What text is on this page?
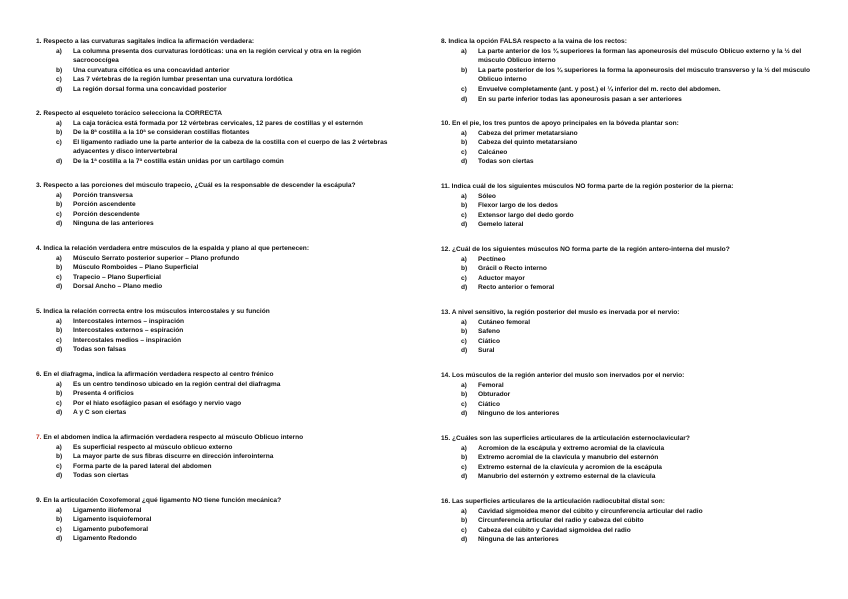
1. Respecto a las curvaturas sagitales indica la afirmación verdadera:
a)	La columna presenta dos curvaturas lordóticas: una en la región cervical y otra en la región sacrococcígea
b)	Una curvatura cifótica es una concavidad anterior
c)	Las 7 vértebras de la región lumbar presentan una curvatura lordótica
d)	La región dorsal forma una concavidad posterior
2. Respecto al esqueleto torácico selecciona la CORRECTA
a)	La caja torácica está formada por 12 vértebras cervicales, 12 pares de costillas y el esternón
b)	De la 8ª costilla a la 10ª se consideran costillas flotantes
c)	El ligamento radiado une la parte anterior de la cabeza de la costilla con el cuerpo de las 2 vértebras adyacentes y disco intervertebral
d)	De la 1ª costilla a la 7ª costilla están unidas por un cartílago común
3. Respecto a las porciones del músculo trapecio, ¿Cuál es la responsable de descender la escápula?
a)	Porción transversa
b)	Porción ascendente
c)	Porción descendente
d)	Ninguna de las anteriores
4. Indica la relación verdadera entre músculos de la espalda y plano al que pertenecen:
a)	Músculo Serrato posterior superior – Plano profundo
b)	Músculo Romboides – Plano Superficial
c)	Trapecio – Plano Superficial
d)	Dorsal Ancho – Plano medio
5. Indica la relación correcta entre los músculos intercostales y su función
a)	Intercostales internos – inspiración
b)	Intercostales externos – espiración
c)	Intercostales medios – inspiración
d)	Todas son falsas
6. En el diafragma, indica la afirmación verdadera respecto al centro frénico
a)	Es un centro tendinoso ubicado en la región central del diafragma
b)	Presenta 4 orificios
c)	Por el hiato esofágico pasan el esófago y nervio vago
d)	A y C son ciertas
7. En el abdomen indica la afirmación verdadera respecto al músculo Oblicuo interno
a)	Es superficial respecto al músculo oblicuo externo
b)	La mayor parte de sus fibras discurre en dirección inferointerna
c)	Forma parte de la pared lateral del abdomen
d)	Todas son ciertas
9. En la articulación Coxofemoral ¿qué ligamento NO tiene función mecánica?
a)	Ligamento iliofemoral
b)	Ligamento isquiofemoral
c)	Ligamento pubofemoral
d)	Ligamento Redondo
8. Indica la opción FALSA respecto a la vaina de los rectos:
a)	La parte anterior de los ¾ superiores la forman las aponeurosis del músculo Oblicuo externo y la ½ del músculo Oblicuo interno
b)	La parte posterior de los ¾ superiores la forma la aponeurosis del músculo transverso y la ½ del músculo Oblicuo interno
c)	Envuelve completamente (ant. y post.) el ¼ inferior del m. recto del abdomen.
d)	En su parte inferior todas las aponeurosis pasan a ser anteriores
10. En el pie, los tres puntos de apoyo principales en la bóveda plantar son:
a)	Cabeza del primer metatarsiano
b)	Cabeza del quinto metatarsiano
c)	Calcáneo
d)	Todas son ciertas
11. Indica cuál de los siguientes músculos NO forma parte de la región posterior de la pierna:
a)	Sóleo
b)	Flexor largo de los dedos
c)	Extensor largo del dedo gordo
d)	Gemelo lateral
12. ¿Cuál de los siguientes músculos NO forma parte de la región antero-interna del muslo?
a)	Pectíneo
b)	Grácil o Recto interno
c)	Aductor mayor
d)	Recto anterior o femoral
13. A nivel sensitivo, la región posterior del muslo es inervada por el nervio:
a)	Cutáneo femoral
b)	Safeno
c)	Ciático
d)	Sural
14. Los músculos de la región anterior del muslo son inervados por el nervio:
a)	Femoral
b)	Obturador
c)	Ciático
d)	Ninguno de los anteriores
15. ¿Cuáles son las superficies articulares de la articulación esternoclavicular?
a)	Acromion de la escápula y extremo acromial de la clavícula
b)	Extremo acromial de la clavícula y manubrio del esternón
c)	Extremo esternal de la clavícula y acromion de la escápula
d)	Manubrio del esternón y extremo esternal de la clavícula
16. Las superficies articulares de la articulación radiocubital distal son:
a)	Cavidad sigmoidea menor del cúbito y circunferencia articular del radio
b)	Circunferencia articular del radio y cabeza del cúbito
c)	Cabeza del cúbito y Cavidad sigmoidea del radio
d)	Ninguna de las anteriores
